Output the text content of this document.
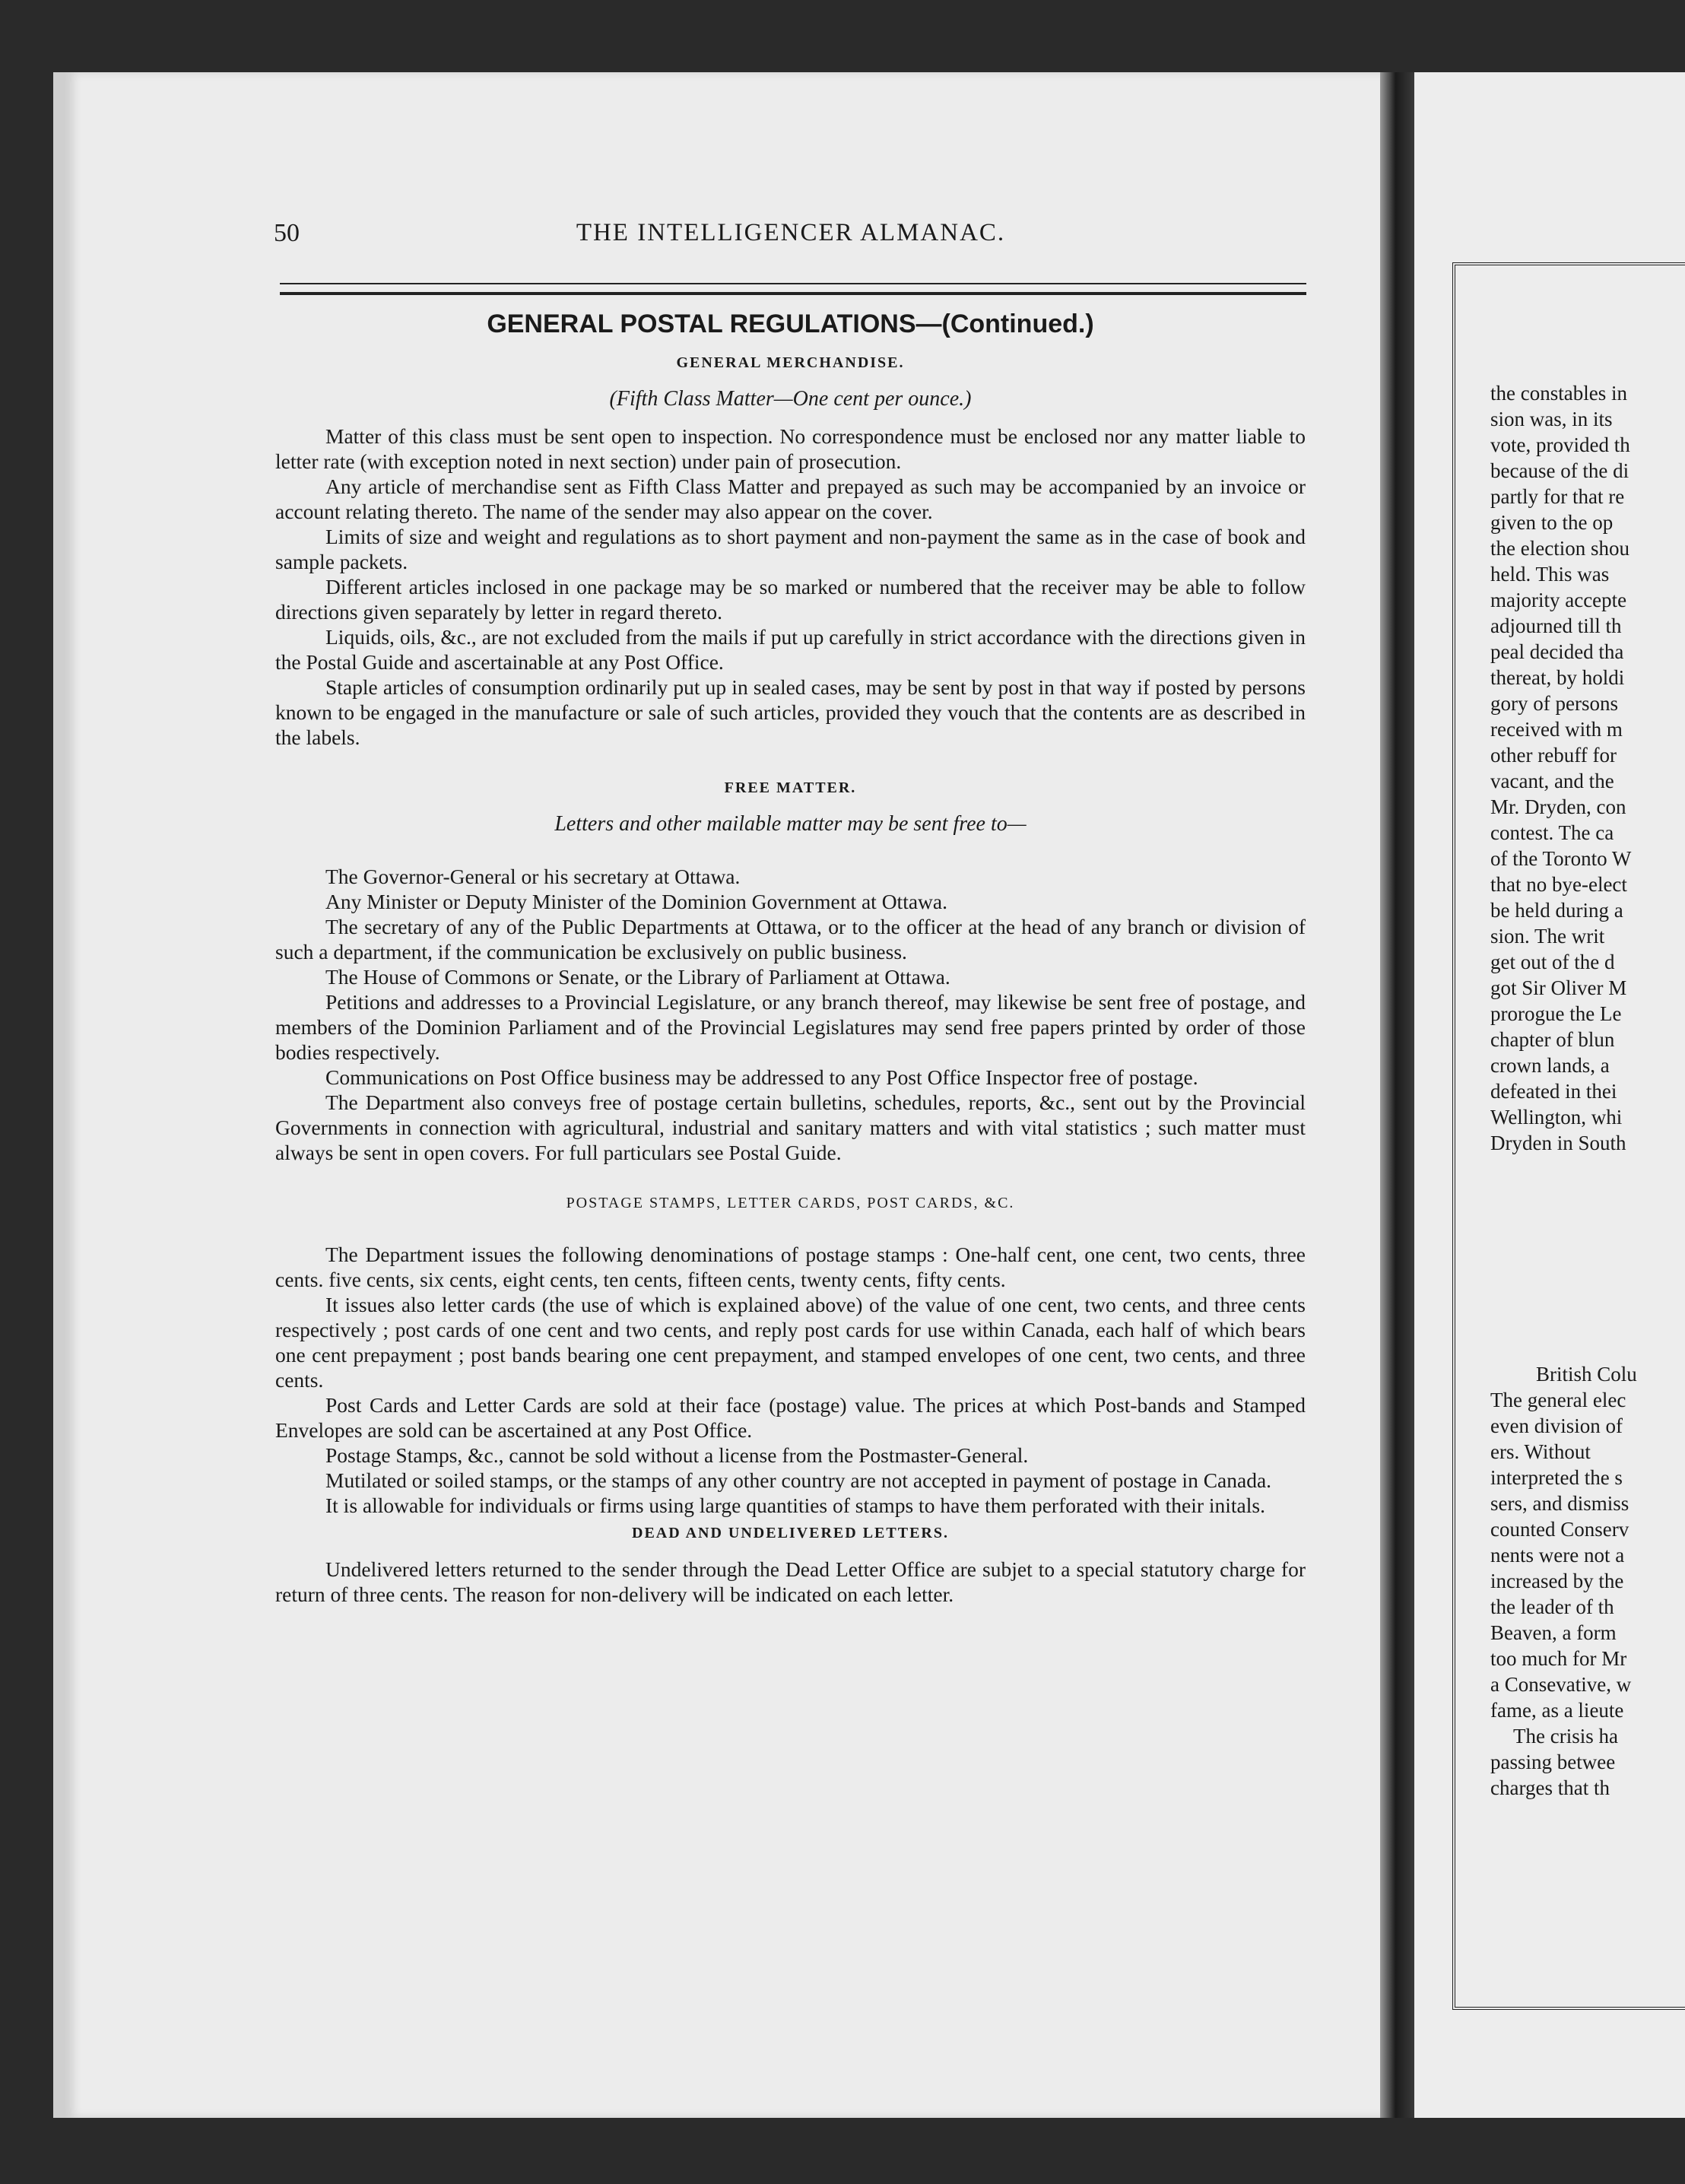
50	THE INTELLIGENCER ALMANAC.
GENERAL POSTAL REGULATIONS—(Continued.)
GENERAL MERCHANDISE.
(Fifth Class Matter—One cent per ounce.)

Matter of this class must be sent open to inspection. No correspondence must be enclosed nor any matter liable to letter rate (with exception noted in next section) under pain of prosecution.

Any article of merchandise sent as Fifth Class Matter and prepayed as such may be accompanied by an invoice or account relating thereto. The name of the sender may also appear on the cover.

Limits of size and weight and regulations as to short payment and non-payment the same as in the case of book and sample packets.

Different articles inclosed in one package may be so marked or numbered that the receiver may be able to follow directions given separately by letter in regard thereto.

Liquids, oils, &c., are not excluded from the mails if put up carefully in strict accordance with the directions given in the Postal Guide and ascertainable at any Post Office.

Staple articles of consumption ordinarily put up in sealed cases, may be sent by post in that way if posted by persons known to be engaged in the manufacture or sale of such articles, provided they vouch that the contents are as described in the labels.

FREE MATTER.
Letters and other mailable matter may be sent free to—

The Governor-General or his secretary at Ottawa.

Any Minister or Deputy Minister of the Dominion Government at Ottawa.

The secretary of any of the Public Departments at Ottawa, or to the officer at the head of any branch or division of such a department, if the communication be exclusively on public business.

The House of Commons or Senate, or the Library of Parliament at Ottawa.

Petitions and addresses to a Provincial Legislature, or any branch thereof, may likewise be sent free of postage, and members of the Dominion Parliament and of the Provincial Legislatures may send free papers printed by order of those bodies respectively.

Communications on Post Office business may be addressed to any Post Office Inspector free of postage.

The Department also conveys free of postage certain bulletins, schedules, reports, &c., sent out by the Provincial Governments in connection with agricultural, industrial and sanitary matters and with vital statistics ; such matter must always be sent in open covers. For full particulars see Postal Guide.

POSTAGE STAMPS, LETTER CARDS, POST CARDS, &C.

The Department issues the following denominations of postage stamps : One-half cent, one cent, two cents, three cents. five cents, six cents, eight cents, ten cents, fifteen cents, twenty cents, fifty cents.

It issues also letter cards (the use of which is explained above) of the value of one cent, two cents, and three cents respectively ; post cards of one cent and two cents, and reply post cards for use within Canada, each half of which bears one cent prepayment ; post bands bearing one cent prepayment, and stamped envelopes of one cent, two cents, and three cents.

Post Cards and Letter Cards are sold at their face (postage) value. The prices at which Post-bands and Stamped Envelopes are sold can be ascertained at any Post Office.

Postage Stamps, &c., cannot be sold without a license from the Postmaster-General.

Mutilated or soiled stamps, or the stamps of any other country are not accepted in payment of postage in Canada.

It is allowable for individuals or firms using large quantities of stamps to have them perforated with their initals.

DEAD AND UNDELIVERED LETTERS.

Undelivered letters returned to the sender through the Dead Letter Office are subjet to a special statutory charge for return of three cents. The reason for non-delivery will be indicated on each letter.

the constables in
sion was, in its
vote, provided th
because of the di
partly for that re
given to the op
the election shou
held. This was
majority accepte
adjourned till th
peal decided tha
thereat, by holdi
gory of persons
received with m
other rebuff for
vacant, and the
Mr. Dryden, con
contest. The ca
of the Toronto W
that no bye-elect
be held during a
sion. The writ
get out of the d
got Sir Oliver M
prorogue the Le
chapter of blun
crown lands, a
defeated in thei
Wellington, whi
Dryden in South
British Colu
The general elec
even division of
ers. Without
interpreted the s
sers, and dismiss
counted Conserv
nents were not a
increased by the
the leader of th
Beaven, a form
too much for Mr
a Consevative, w
fame, as a lieute
The crisis ha
passing betwee
charges that th
